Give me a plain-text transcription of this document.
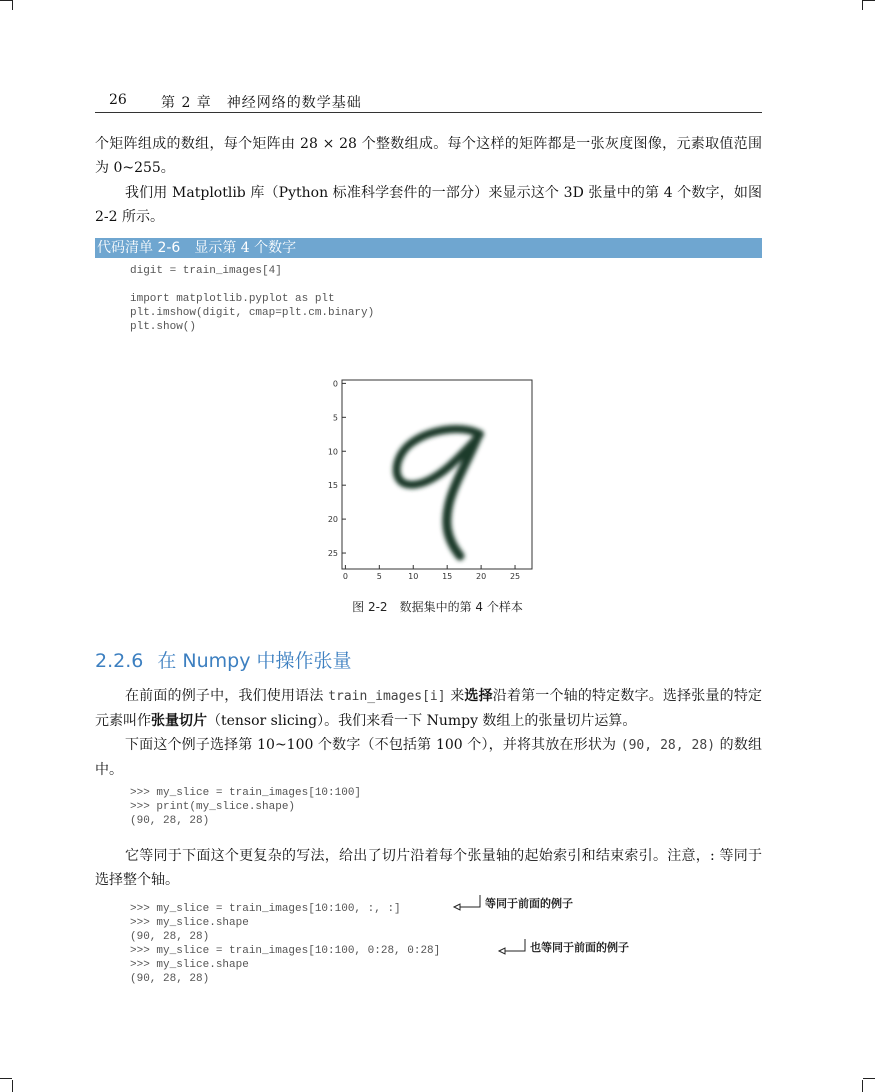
26 第 2 章　神经网络的数学基础
个矩阵组成的数组，每个矩阵由 28 × 28 个整数组成。每个这样的矩阵都是一张灰度图像，元素取值范围为 0~255。
我们用 Matplotlib 库（Python 标准科学套件的一部分）来显示这个 3D 张量中的第 4 个数字，如图 2-2 所示。
代码清单 2-6 显示第 4 个数字
digit = train_images[4]

import matplotlib.pyplot as plt
plt.imshow(digit, cmap=plt.cm.binary)
plt.show()
0	5	10	15	20	25
0
5
10
15
20
25
图 2-2　数据集中的第 4 个样本
2.2.6 在 Numpy 中操作张量
在前面的例子中，我们使用语法 train_images[i] 来选择沿着第一个轴的特定数字。选择张量的特定元素叫作张量切片（tensor slicing）。我们来看一下 Numpy 数组上的张量切片运算。
下面这个例子选择第 10~100 个数字（不包括第 100 个），并将其放在形状为 (90, 28, 28) 的数组中。
>>> my_slice = train_images[10:100]
>>> print(my_slice.shape)
(90, 28, 28)
它等同于下面这个更复杂的写法，给出了切片沿着每个张量轴的起始索引和结束索引。注意，: 等同于选择整个轴。
>>> my_slice = train_images[10:100, :, :]
>>> my_slice.shape
(90, 28, 28)
>>> my_slice = train_images[10:100, 0:28, 0:28]
>>> my_slice.shape
(90, 28, 28)
等同于前面的例子
也等同于前面的例子
